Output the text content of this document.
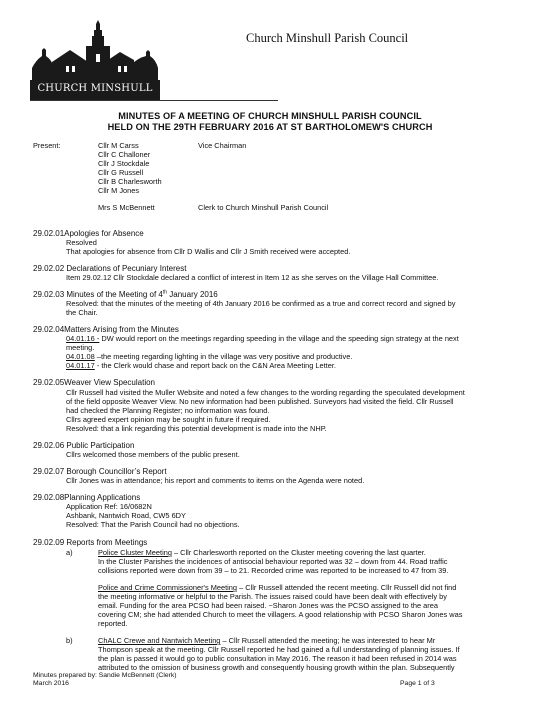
CHURCH MINSHULL
Church Minshull Parish Council
MINUTES OF A MEETING OF CHURCH MINSHULL PARISH COUNCIL
HELD ON THE 29TH FEBRUARY 2016 AT ST BARTHOLOMEW'S CHURCH
Present:	Cllr M Carss	Vice Chairman
Cllr C Challoner
Cllr J Stockdale
Cllr G Russell
Cllr B Charlesworth
Cllr M Jones
Mrs S McBennett	Clerk to Church Minshull Parish Council
29.02.01Apologies for Absence
Resolved
That apologies for absence from Cllr D Wallis and Cllr J Smith received were accepted.
29.02.02 Declarations of Pecuniary Interest
Item 29.02.12 Cllr Stockdale declared a conflict of interest in Item 12 as she serves on the Village Hall Committee.
29.02.03 Minutes of the Meeting of 4th January 2016
Resolved: that the minutes of the meeting of 4th January 2016 be confirmed as a true and correct record and signed by
the Chair.
29.02.04Matters Arising from the Minutes
04.01.16 - DW would report on the meetings regarding speeding in the village and the speeding sign strategy at the next
meeting.
04.01.08 –the meeting regarding lighting in the village was very positive and productive.
04.01.17 - the Clerk would chase and report back on the C&N Area Meeting Letter.
29.02.05Weaver View Speculation
Cllr Russell had visited the Muller Website and noted a few changes to the wording regarding the speculated development
of the field opposite Weaver View. No new information had been published. Surveyors had visited the field. Cllr Russell
had checked the Planning Register; no information was found.
Cllrs agreed expert opinion may be sought in future if required.
Resolved: that a link regarding this potential development is made into the NHP.
29.02.06 Public Participation
Cllrs welcomed those members of the public present.
29.02.07 Borough Councillor’s Report
Cllr Jones was in attendance; his report and comments to items on the Agenda were noted.
29.02.08Planning Applications
Application Ref: 16/0682N
Ashbank, Nantwich Road, CW5 6DY
Resolved: That the Parish Council had no objections.
29.02.09 Reports from Meetings
a)	Police Cluster Meeting – Cllr Charlesworth reported on the Cluster meeting covering the last quarter.
In the Cluster Parishes the incidences of antisocial behaviour reported was 32 – down from 44. Road traffic
collisions reported were down from 39 – to 21. Recorded crime was reported to be increased to 47 from 39.
Police and Crime Commissioner's Meeting – Cllr Russell attended the recent meeting. Cllr Russell did not find
the meeting informative or helpful to the Parish. The issues raised could have been dealt with effectively by
email. Funding for the area PCSO had been raised. ~Sharon Jones was the PCSO assigned to the area
covering CM; she had attended Church to meet the villagers. A good relationship with PCSO Sharon Jones was
reported.
b)	ChALC Crewe and Nantwich Meeting – Cllr Russell attended the meeting; he was interested to hear Mr
Thompson speak at the meeting. Cllr Russell reported he had gained a full understanding of planning issues. If
the plan is passed it would go to public consultation in May 2016. The reason it had been refused in 2014 was
attributed to the omission of business growth and consequently housing growth within the plan. Subsequently
Minutes prepared by: Sandie McBennett (Clerk)
March 2016	Page 1 of 3
